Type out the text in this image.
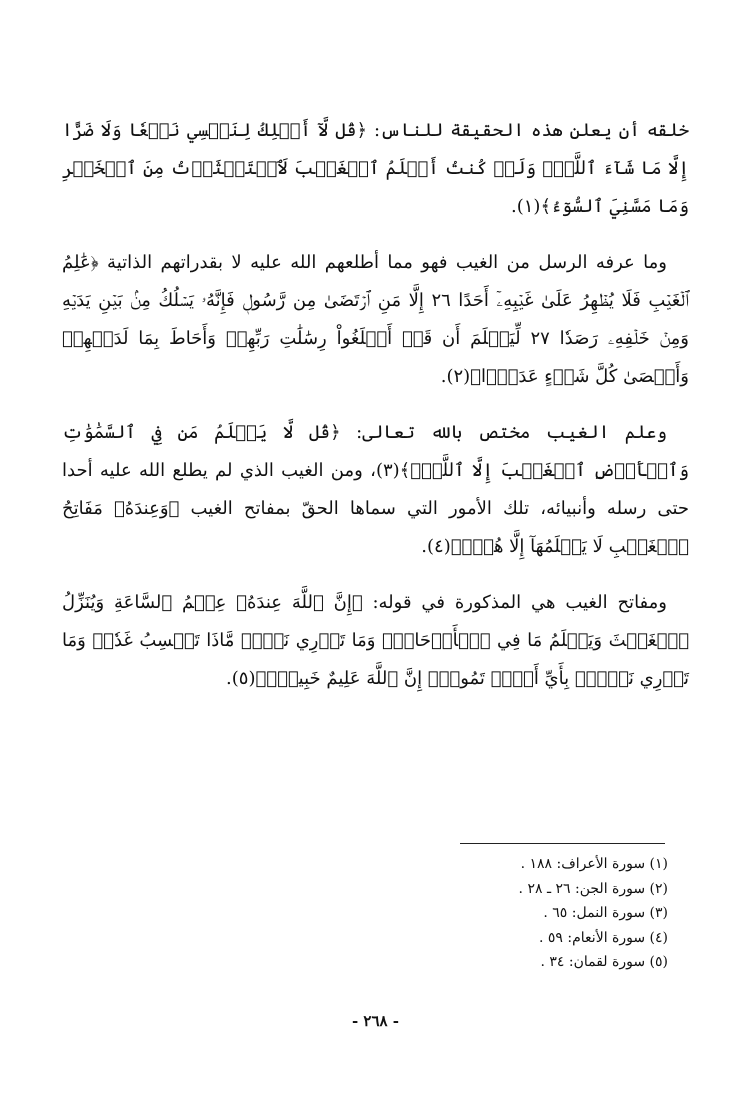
خلقه أن يعلن هذه الحقيقة للناس: ﴿قُل لَّآ أَمۡلِكُ لِنَفۡسِي نَفۡعٗا وَلَا ضَرًّا إِلَّا مَا شَآءَ ٱللَّهُۚ وَلَوۡ كُنتُ أَعۡلَمُ ٱلۡغَيۡبَ لَٱسۡتَكۡثَرۡتُ مِنَ ٱلۡخَيۡرِ وَمَا مَسَّنِيَ ٱلسُّوٓءُ﴾(١).

وما عرفه الرسل من الغيب فهو مما أطلعهم الله عليه لا بقدراتهم الذاتية ﴿عَٰلِمُ ٱلۡغَيۡبِ فَلَا يُظۡهِرُ عَلَىٰ غَيۡبِهِۦٓ أَحَدًا ٢٦ إِلَّا مَنِ ٱرۡتَضَىٰ مِن رَّسُولٖ فَإِنَّهُۥ يَسۡلُكُ مِنۢ بَيۡنِ يَدَيۡهِ وَمِنۡ خَلۡفِهِۦ رَصَدٗا ٢٧ لِّيَعۡلَمَ أَن قَدۡ أَبۡلَغُواْ رِسَٰلَٰتِ رَبِّهِمۡ وَأَحَاطَ بِمَا لَدَيۡهِمۡ وَأَحۡصَىٰ كُلَّ شَيۡءٍ عَدَدَۢا﴾(٢).

وعلم الغيب مختص بالله تعالى: ﴿قُل لَّا يَعۡلَمُ مَن فِي ٱلسَّمَٰوَٰتِ وَٱلۡأَرۡضِ ٱلۡغَيۡبَ إِلَّا ٱللَّهُۚ﴾(٣)، ومن الغيب الذي لم يطلع الله عليه أحدا حتى رسله وأنبيائه، تلك الأمور التي سماها الحقّ بمفاتح الغيب ﴿وَعِندَهُۥ مَفَاتِحُ ٱلۡغَيۡبِ لَا يَعۡلَمُهَآ إِلَّا هُوَۚ﴾(٤).

ومفاتح الغيب هي المذكورة في قوله: ﴿إِنَّ ٱللَّهَ عِندَهُۥ عِلۡمُ ٱلسَّاعَةِ وَيُنَزِّلُ ٱلۡغَيۡثَ وَيَعۡلَمُ مَا فِي ٱلۡأَرۡحَامِۖ وَمَا تَدۡرِي نَفۡسٞ مَّاذَا تَكۡسِبُ غَدٗاۖ وَمَا تَدۡرِي نَفۡسُۢ بِأَيِّ أَرۡضٖ تَمُوتُۚ إِنَّ ٱللَّهَ عَلِيمٌ خَبِيرُۢ﴾(٥).

(١) سورة الأعراف: ١٨٨ .

(٢) سورة الجن: ٢٦ ـ ٢٨ .

(٣) سورة النمل: ٦٥ .

(٤) سورة الأنعام: ٥٩ .

(٥) سورة لقمان: ٣٤ .

- ٢٦٨ -
